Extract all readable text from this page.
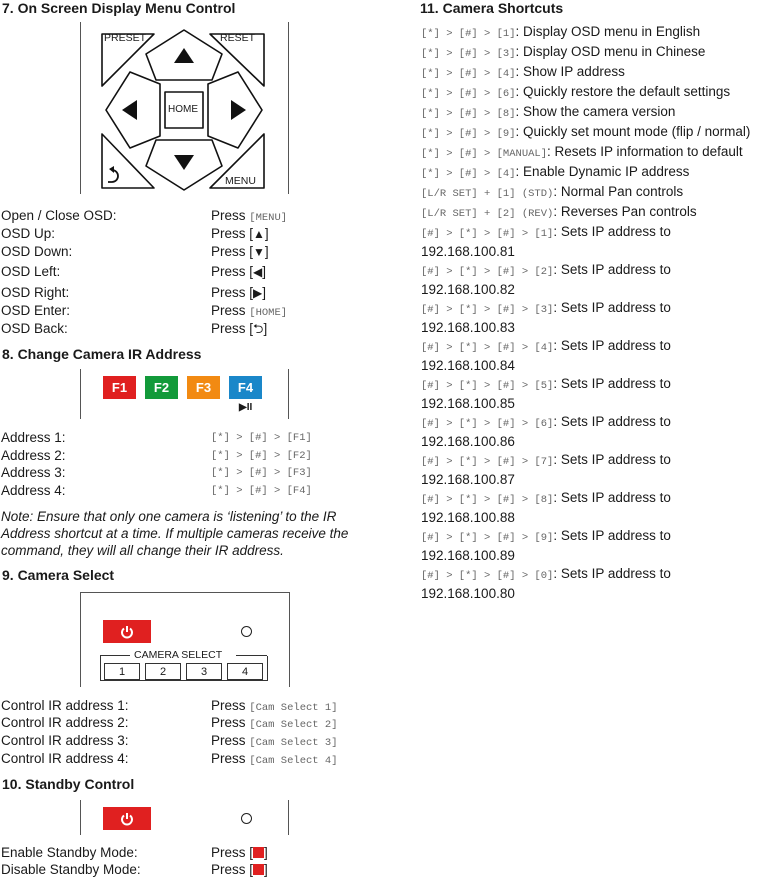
7. On Screen Display Menu Control
PRESET	RESET
HOME
MENU
Open / Close OSD:	Press [MENU]
OSD Up:	Press [▲]
OSD Down:	Press [▼]
OSD Left:	Press [◀]
OSD Right:	Press [▶]
OSD Enter:	Press [HOME]
OSD Back:	Press [⮌]
8. Change Camera IR Address
F1	F2	F3	F4
▶II
Address 1:	[*] > [#] > [F1]
Address 2:	[*] > [#] > [F2]
Address 3:	[*] > [#] > [F3]
Address 4:	[*] > [#] > [F4]
Note: Ensure that only one camera is ‘listening’ to the IR Address shortcut at a time. If multiple cameras receive the command, they will all change their IR address.
9. Camera Select
CAMERA SELECT
1	2	3	4
Control IR address 1:	Press [Cam Select 1]
Control IR address 2:	Press [Cam Select 2]
Control IR address 3:	Press [Cam Select 3]
Control IR address 4:	Press [Cam Select 4]
10. Standby Control
Enable Standby Mode:	Press [ ]
Disable Standby Mode:	Press [ ]
11. Camera Shortcuts
[*] > [#] > [1]: Display OSD menu in English
[*] > [#] > [3]: Display OSD menu in Chinese
[*] > [#] > [4]: Show IP address
[*] > [#] > [6]: Quickly restore the default settings
[*] > [#] > [8]: Show the camera version
[*] > [#] > [9]: Quickly set mount mode (flip / normal)
[*] > [#] > [MANUAL]: Resets IP information to default
[*] > [#] > [4]: Enable Dynamic IP address
[L/R SET] + [1] (STD): Normal Pan controls
[L/R SET] + [2] (REV): Reverses Pan controls
[#] > [*] > [#] > [1]: Sets IP address to
192.168.100.81
[#] > [*] > [#] > [2]: Sets IP address to
192.168.100.82
[#] > [*] > [#] > [3]: Sets IP address to
192.168.100.83
[#] > [*] > [#] > [4]: Sets IP address to
192.168.100.84
[#] > [*] > [#] > [5]: Sets IP address to
192.168.100.85
[#] > [*] > [#] > [6]: Sets IP address to
192.168.100.86
[#] > [*] > [#] > [7]: Sets IP address to
192.168.100.87
[#] > [*] > [#] > [8]: Sets IP address to
192.168.100.88
[#] > [*] > [#] > [9]: Sets IP address to
192.168.100.89
[#] > [*] > [#] > [0]: Sets IP address to
192.168.100.80
